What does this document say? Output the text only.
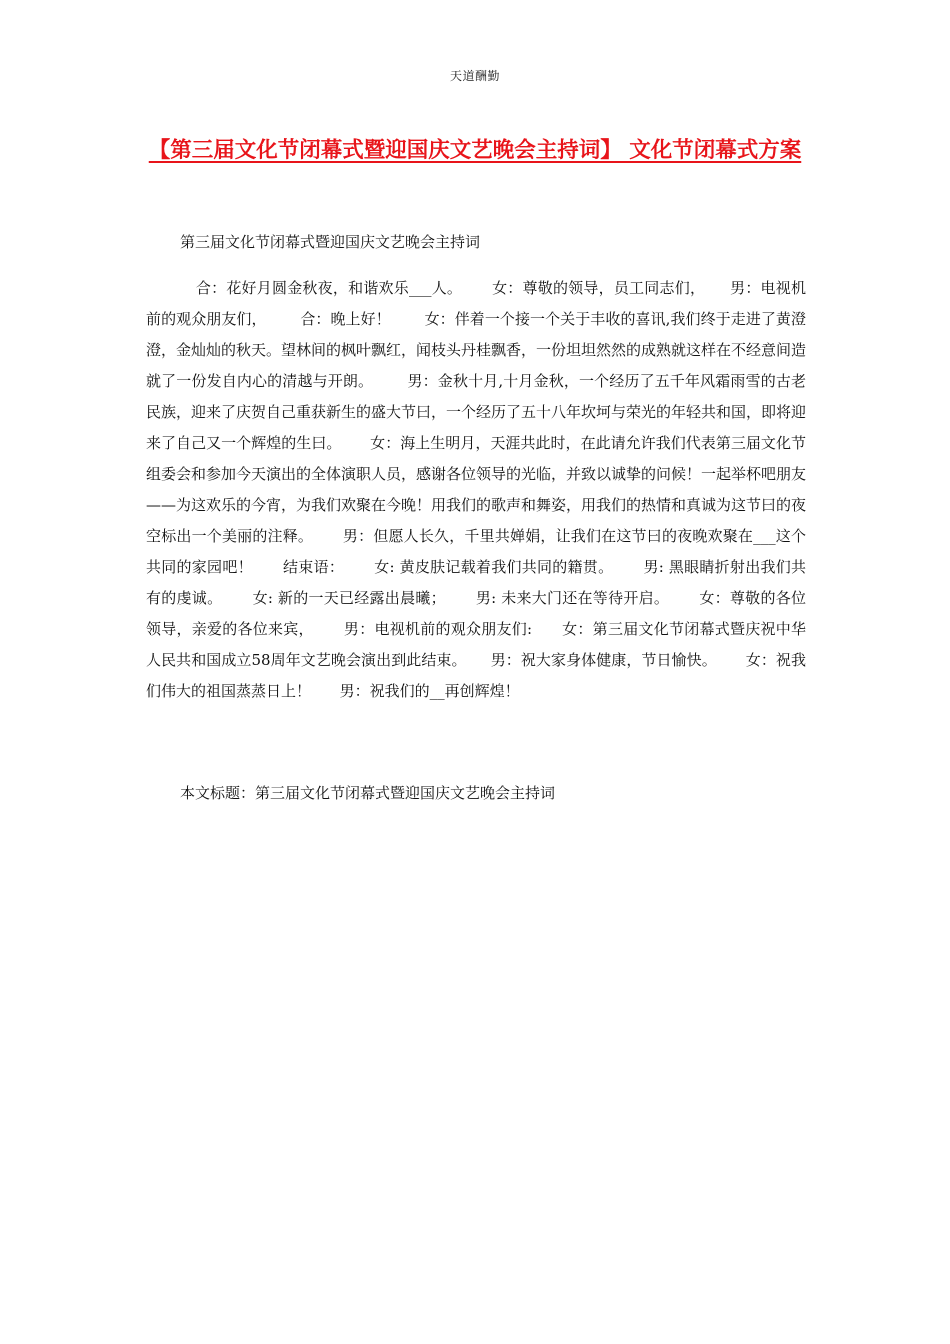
天道酬勤
【第三届文化节闭幕式暨迎国庆文艺晚会主持词】 文化节闭幕式方案

第三届文化节闭幕式暨迎国庆文艺晚会主持词

合：花好月圆金秋夜，和谐欢乐___人。      女：尊敬的领导，员工同志们，     男：电视机前的观众朋友们，       合：晚上好！       女：伴着一个接一个关于丰收的喜讯,我们终于走进了黄澄澄，金灿灿的秋天。望林间的枫叶飘红，闻枝头丹桂飘香，一份坦坦然然的成熟就这样在不经意间造就了一份发自内心的清越与开朗。       男：金秋十月,十月金秋，一个经历了五千年风霜雨雪的古老民族，迎来了庆贺自己重获新生的盛大节曰，一个经历了五十八年坎坷与荣光的年轻共和国，即将迎来了自己又一个辉煌的生曰。      女：海上生明月，天涯共此时，在此请允许我们代表第三届文化节组委会和参加今天演出的全体演职人员，感谢各位领导的光临，并致以诚挚的问候！一起举杯吧朋友——为这欢乐的今宵，为我们欢聚在今晚！用我们的歌声和舞姿，用我们的热情和真诚为这节曰的夜空标出一个美丽的注释。      男：但愿人长久，千里共婵娟，让我们在这节曰的夜晚欢聚在___这个共同的家园吧！      结束语：      女: 黄皮肤记载着我们共同的籍贯。      男: 黑眼睛折射出我们共有的虔诚。      女: 新的一天已经露出晨曦；      男: 未来大门还在等待开启。      女：尊敬的各位领导，亲爱的各位来宾，      男：电视机前的观众朋友们:      女：第三届文化节闭幕式暨庆祝中华人民共和国成立58周年文艺晚会演出到此结束。     男：祝大家身体健康，节日愉快。      女：祝我们伟大的祖国蒸蒸日上！      男：祝我们的__再创辉煌！

本文标题：第三届文化节闭幕式暨迎国庆文艺晚会主持词
